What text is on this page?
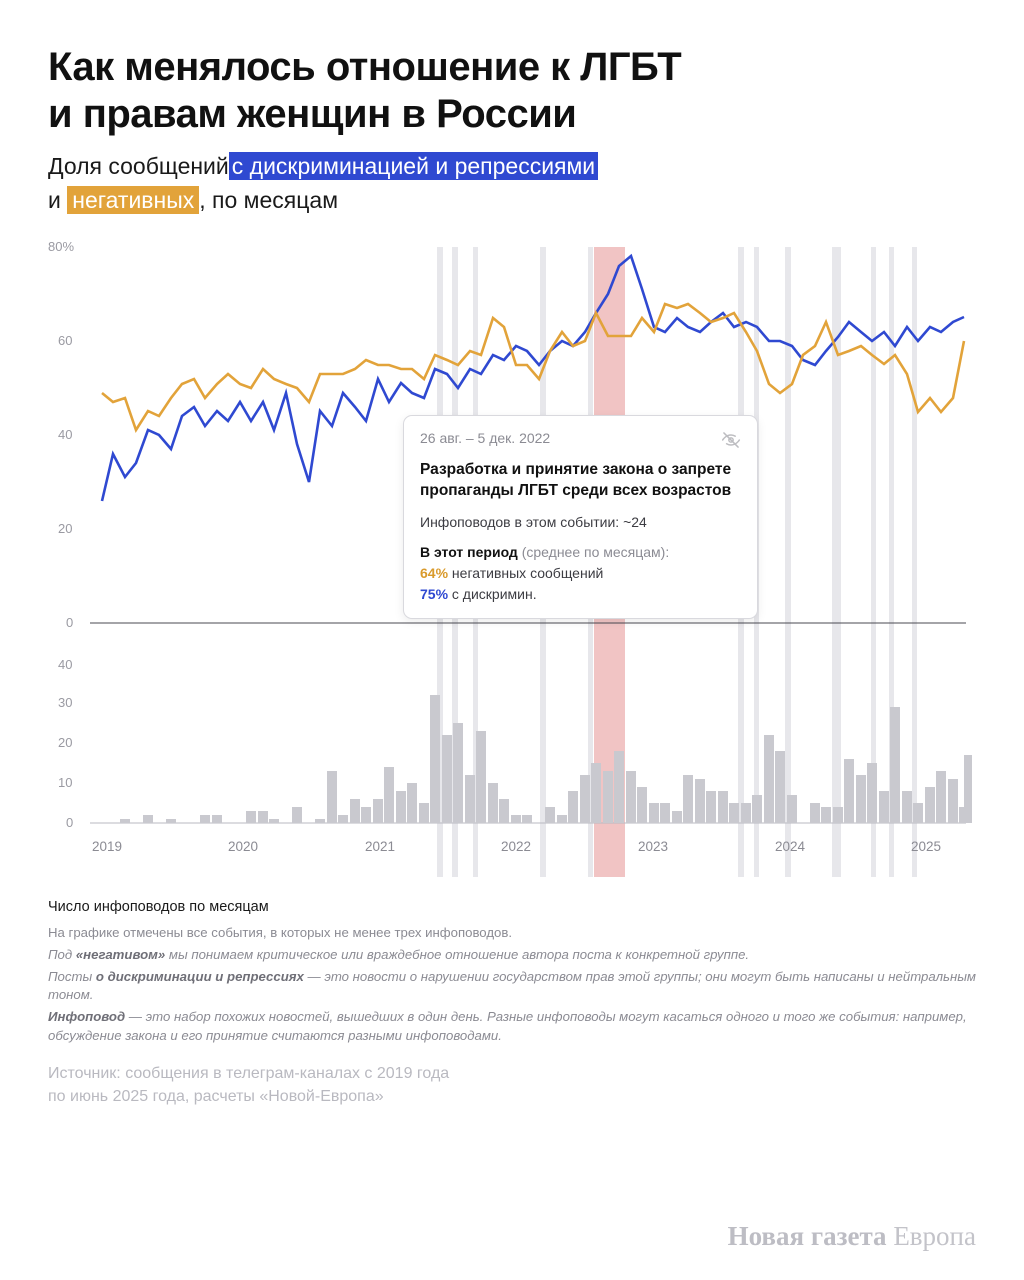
Как менялось отношение к ЛГБТ
и правам женщин в России

Доля сообщений с дискриминацией и репрессиями
и негативных , по месяцам

80%
60
40
20
0
40
30
20
10
0
2019	2020	2021	2022	2023	2024	2025
26 авг. – 5 дек. 2022
Разработка и принятие закона о запрете пропаганды ЛГБТ среди всех возрастов
Инфоповодов в этом событии: ~24
В этот период (среднее по месяцам):
64% негативных сообщений
75% с дискримин.
Число инфоповодов по месяцам
На графике отмечены все события, в которых не менее трех инфоповодов.
Под «негативом» мы понимаем критическое или враждебное отношение автора поста к конкретной группе.
Посты о дискриминации и репрессиях — это новости о нарушении государством прав этой группы; они могут быть написаны и нейтральным тоном.
Инфоповод — это набор похожих новостей, вышедших в один день. Разные инфоповоды могут касаться одного и того же события: например, обсуждение закона и его принятие считаются разными инфоповодами.
Источник: сообщения в телеграм-каналах с 2019 года
по июнь 2025 года, расчеты «Новой-Европа»
Новая газета Европа
